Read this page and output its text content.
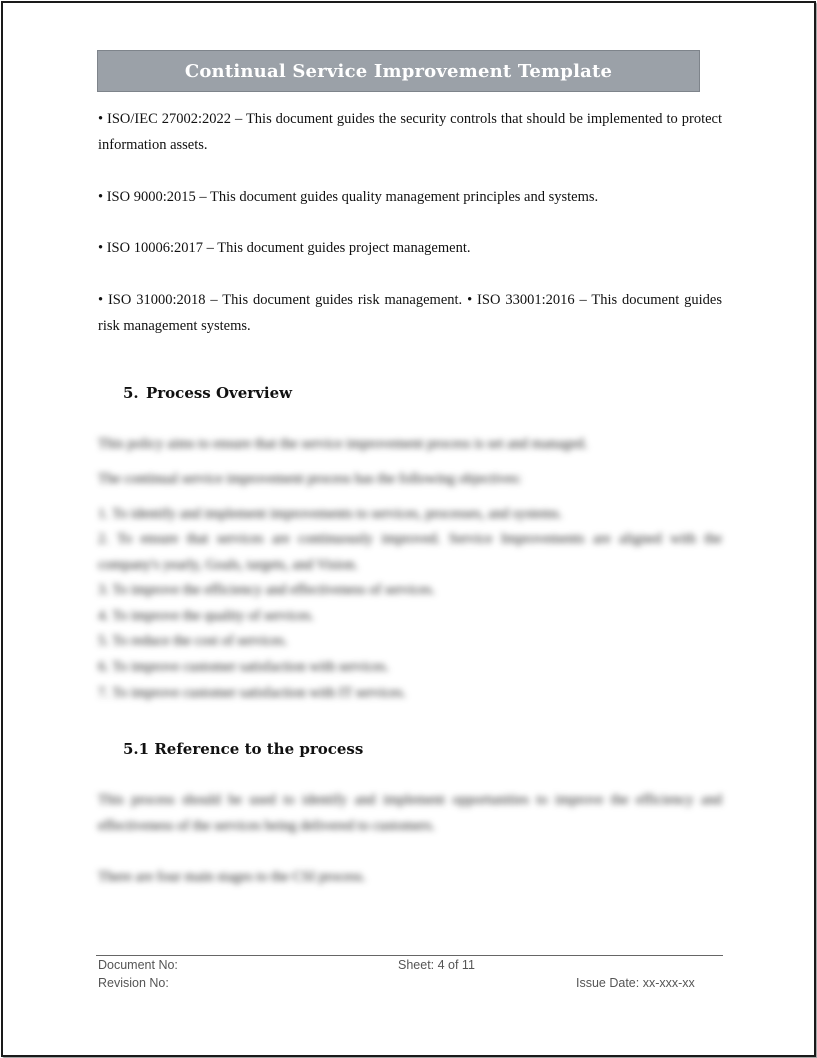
Continual Service Improvement Template

• ISO/IEC 27002:2022 – This document guides the security controls that should be implemented to protect information assets.

• ISO 9000:2015 – This document guides quality management principles and systems.

• ISO 10006:2017 – This document guides project management.

• ISO 31000:2018 – This document guides risk management. • ISO 33001:2016 – This document guides risk management systems.

5. Process Overview

This policy aims to ensure that the service improvement process is set and managed.

The continual service improvement process has the following objectives:

1. To identify and implement improvements to services, processes, and systems.

2. To ensure that services are continuously improved. Service Improvements are aligned with the company's yearly, Goals, targets, and Vision.

3. To improve the efficiency and effectiveness of services.

4. To improve the quality of services.

5. To reduce the cost of services.

6. To improve customer satisfaction with services.

7. To improve customer satisfaction with IT services.

5.1 Reference to the process

This process should be used to identify and implement opportunities to improve the efficiency and effectiveness of the services being delivered to customers.

There are four main stages to the CSI process.

Document No:	Sheet: 4 of 11

Revision No:	Issue Date: xx-xxx-xx
